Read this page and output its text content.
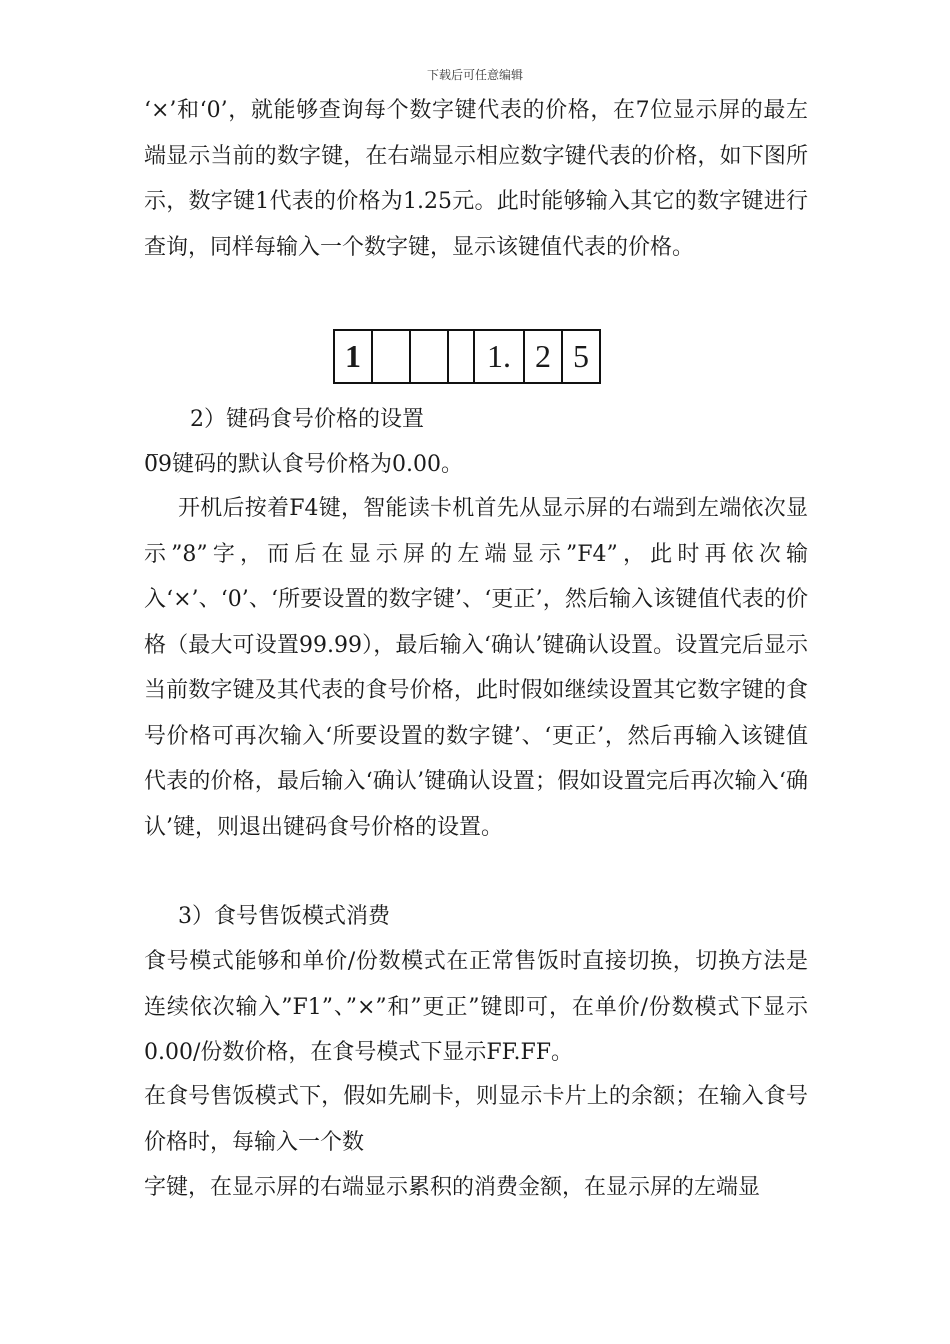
下载后可任意编辑
‘×’和‘0’，就能够查询每个数字键代表的价格，在7位显示屏的最左端显示当前的数字键，在右端显示相应数字键代表的价格，如下图所示，数字键1代表的价格为1.25元。此时能够输入其它的数字键进行查询，同样每输入一个数字键，显示该键值代表的价格。
1				1.	2	5
2）键码食号价格的设置
0̅9键码的默认食号价格为0.00。
开机后按着F4键，智能读卡机首先从显示屏的右端到左端依次显示”8”字，而后在显示屏的左端显示”F4”，此时再依次输入‘×’、‘0’、‘所要设置的数字键’、‘更正’，然后输入该键值代表的价格（最大可设置99.99），最后输入‘确认’键确认设置。设置完后显示当前数字键及其代表的食号价格，此时假如继续设置其它数字键的食号价格可再次输入‘所要设置的数字键’、‘更正’，然后再输入该键值代表的价格，最后输入‘确认’键确认设置；假如设置完后再次输入‘确认’键，则退出键码食号价格的设置。
3）食号售饭模式消费
食号模式能够和单价/份数模式在正常售饭时直接切换，切换方法是连续依次输入”F1”、”×”和”更正”键即可，在单价/份数模式下显示0.00/份数价格，在食号模式下显示FF.FF。
在食号售饭模式下，假如先刷卡，则显示卡片上的余额；在输入食号价格时，每输入一个数
字键，在显示屏的右端显示累积的消费金额，在显示屏的左端显
